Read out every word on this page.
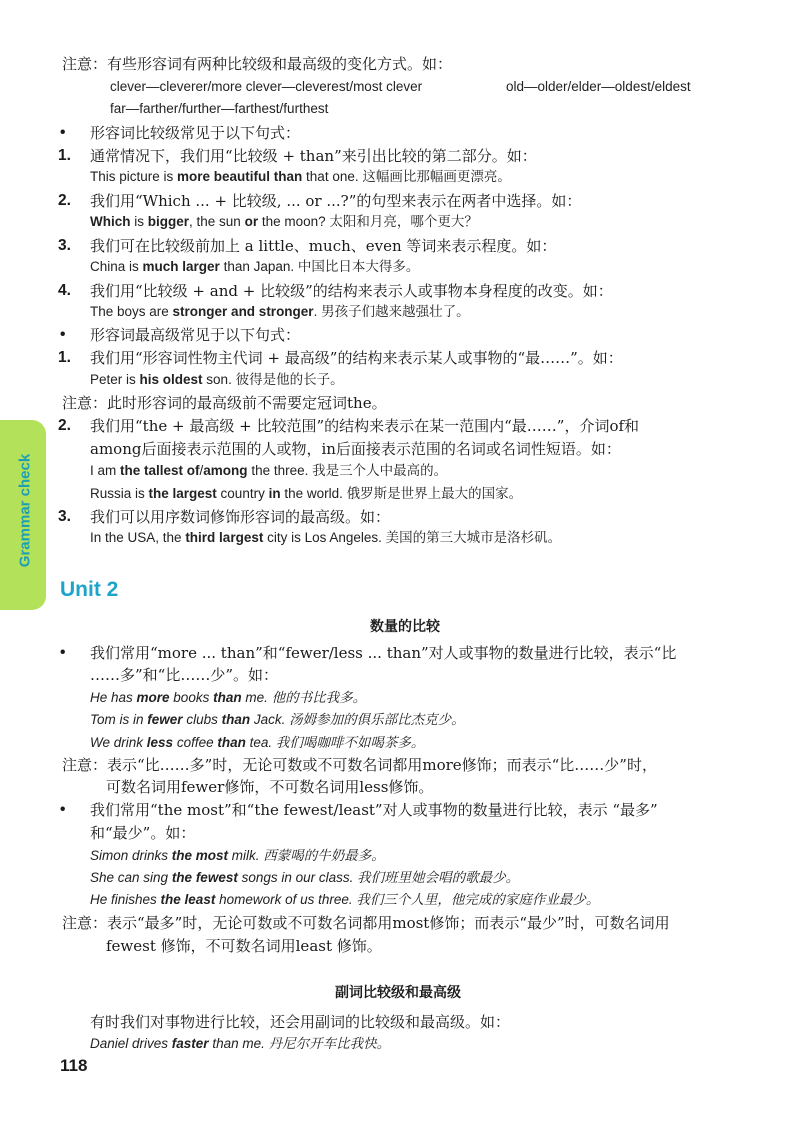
注意：有些形容词有两种比较级和最高级的变化方式。如：
clever—cleverer/more clever—cleverest/most clever	old—older/elder—oldest/eldest
far—farther/further—farthest/furthest
• 形容词比较级常见于以下句式：
1. 通常情况下，我们用“比较级 + than”来引出比较的第二部分。如：
This picture is more beautiful than that one. 这幅画比那幅画更漂亮。
2. 我们用“Which ... + 比较级, ... or ...?”的句型来表示在两者中选择。如：
Which is bigger, the sun or the moon? 太阳和月亮，哪个更大？
3. 我们可在比较级前加上 a little、much、even 等词来表示程度。如：
China is much larger than Japan. 中国比日本大得多。
4. 我们用“比较级 + and + 比较级”的结构来表示人或事物本身程度的改变。如：
The boys are stronger and stronger. 男孩子们越来越强壮了。
• 形容词最高级常见于以下句式：
1. 我们用“形容词性物主代词 + 最高级”的结构来表示某人或事物的“最……”。如：
Peter is his oldest son. 彼得是他的长子。
注意：此时形容词的最高级前不需要定冠词the。
2. 我们用“the + 最高级 + 比较范围”的结构来表示在某一范围内“最……”，介词of和
among后面接表示范围的人或物，in后面接表示范围的名词或名词性短语。如：
I am the tallest of/among the three. 我是三个人中最高的。
Russia is the largest country in the world. 俄罗斯是世界上最大的国家。
3. 我们可以用序数词修饰形容词的最高级。如：
In the USA, the third largest city is Los Angeles. 美国的第三大城市是洛杉矶。
Grammar check
Unit 2
数量的比较
• 我们常用“more ... than”和“fewer/less ... than”对人或事物的数量进行比较，表示“比
……多”和“比……少”。如：
He has more books than me. 他的书比我多。
Tom is in fewer clubs than Jack. 汤姆参加的俱乐部比杰克少。
We drink less coffee than tea. 我们喝咖啡不如喝茶多。
注意：表示“比……多”时，无论可数或不可数名词都用more修饰；而表示“比……少”时，
可数名词用fewer修饰，不可数名词用less修饰。
• 我们常用“the most”和“the fewest/least”对人或事物的数量进行比较，表示 “最多”
和“最少”。如：
Simon drinks the most milk. 西蒙喝的牛奶最多。
She can sing the fewest songs in our class. 我们班里她会唱的歌最少。
He finishes the least homework of us three. 我们三个人里，他完成的家庭作业最少。
注意：表示“最多”时，无论可数或不可数名词都用most修饰；而表示“最少”时，可数名词用
fewest 修饰，不可数名词用least 修饰。
副词比较级和最高级
有时我们对事物进行比较，还会用副词的比较级和最高级。如：
Daniel drives faster than me. 丹尼尔开车比我快。
118
